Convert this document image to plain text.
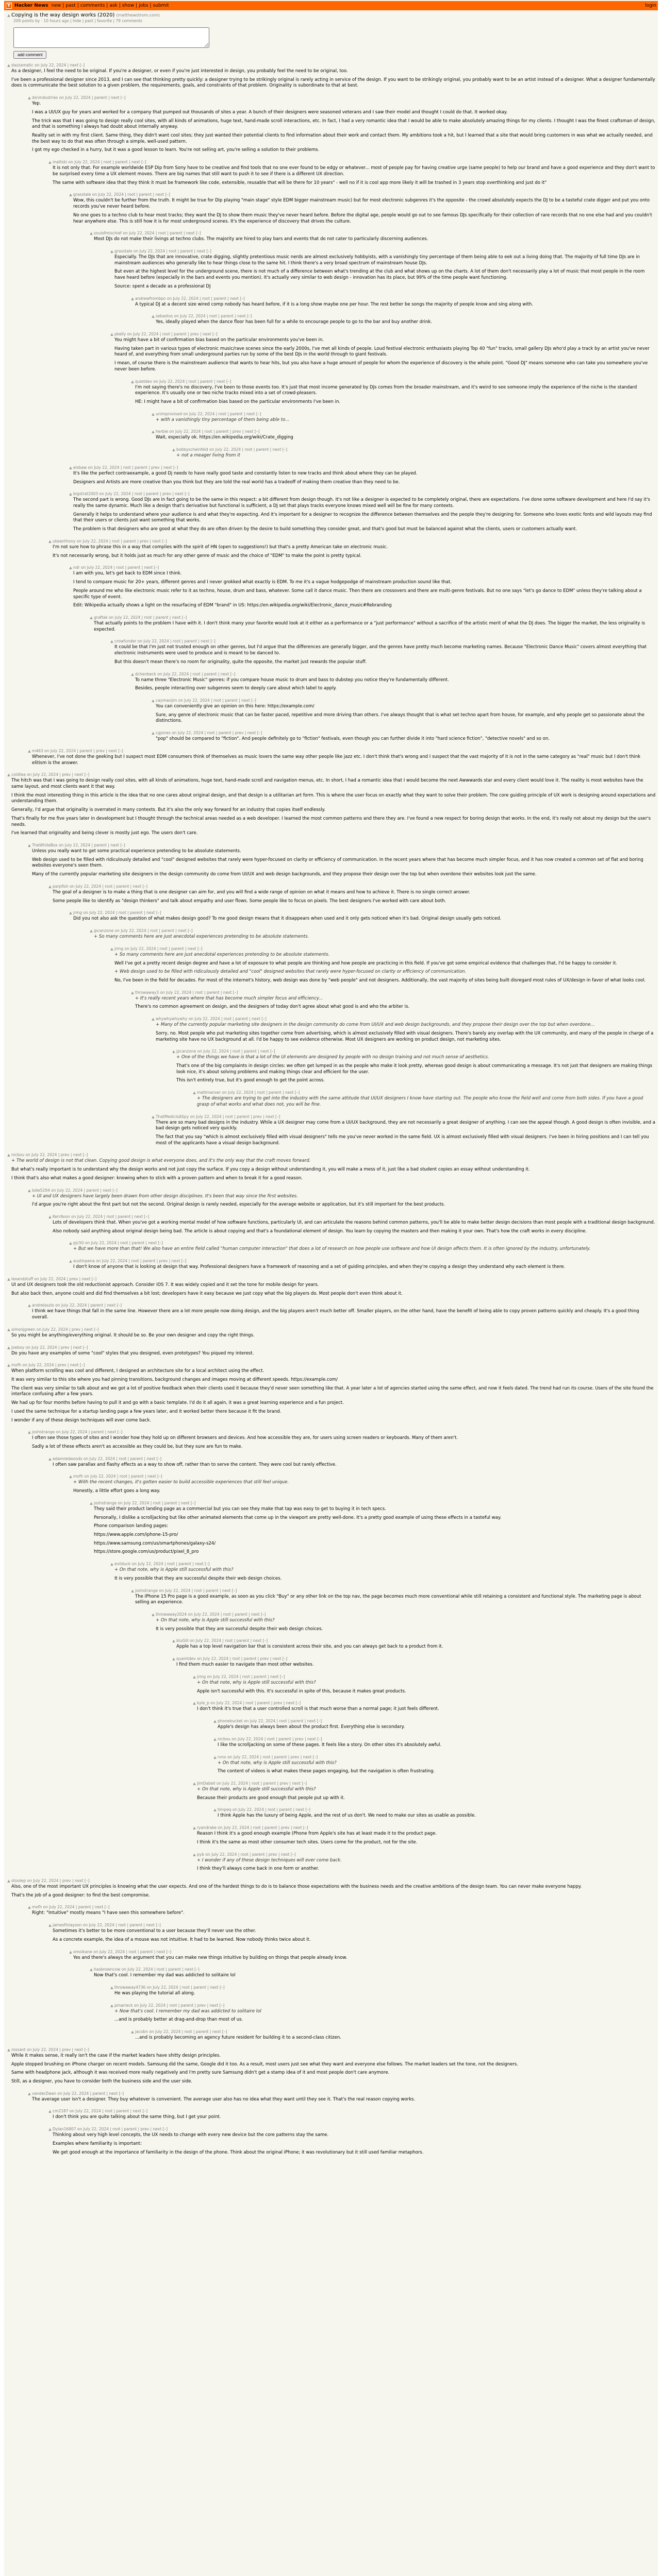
Y Hacker News new | past | comments | ask | show | jobs | submit	login
▲ Copying is the way design works (2020) (matthewstrom.com)
209 points by · 10 hours ago | hide | past | favorite | 79 comments
add comment
▲ dazzamatic on July 22, 2024 | next [–]

As a designer, I feel the need to be original. If you're a designer, or even if you're just interested in design, you probably feel the need to be original, too.

I've been a professional designer since 2013, and I can see that thinking pretty quickly: a designer trying to be strikingly original is rarely acting in service of the design. If you want to be strikingly original, you probably want to be an artist instead of a designer. What a designer fundamentally does is communicate the best solution to a given problem, the requirements, goals, and constraints of that problem. Originality is subordinate to that at best.

▲ dsnindustries on July 22, 2024 | parent | next [–]

Yep.

I was a UI/UX guy for years and worked for a company that pumped out thousands of sites a year. A bunch of their designers were seasoned veterans and I saw their model and thought I could do that. It worked okay.

The trick was that I was going to design really cool sites, with all kinds of animations, huge text, hand-made scroll interactions, etc. In fact, I had a very romantic idea that I would be able to make absolutely amazing things for my clients. I thought I was the finest craftsman of design, and that is something I always had doubt about internally anyway.

Reality set in with my first client. Same thing, they didn't want cool sites; they just wanted their potential clients to find information about their work and contact them. My ambitions took a hit, but I learned that a site that would bring customers in was what we actually needed, and the best way to do that was often through a simple, well-used pattern.

I got my ego checked in a hurry, but it was a good lesson to learn. You're not selling art, you're selling a solution to their problems.

▲ mattski on July 22, 2024 | root | parent | next [–]

It is not only that. For example worldwide ESP Dip from Sony have to be creative and find tools that no one ever found to be edgy or whatever... most of people pay for having creative urge (same people) to help our brand and have a good experience and they don't want to be surprised every time a UX element moves. There are big names that still want to push it to see if there is a different UX direction.

The same with software idea that they think it must be framework like code, extensible, reusable that will be there for 10 years" - well no if it is cool app more likely it will be trashed in 3 years stop overthinking and just do it"

▲ grasstale on July 22, 2024 | root | parent | next [–]

Wow, this couldn't be further from the truth. It might be true for Dip playing "main stage" style EDM bigger mainstream music) but for most electronic subgenres it's the opposite - the crowd absolutely expects the DJ to be a tasteful crate digger and put you onto records you've never heard before.

No one goes to a techno club to hear most tracks; they want the DJ to show them music they've never heard before. Before the digital age, people would go out to see famous DJs specifically for their collection of rare records that no one else had and you couldn't hear anywhere else. This is still how it is for most underground scenes. It's the experience of discovery that drives the culture.

▲ soulofmischief on July 22, 2024 | root | parent | next [–]

Most DJs do not make their livings at techno clubs. The majority are hired to play bars and events that do not cater to particularly discerning audiences.

▲ grasstale on July 22, 2024 | root | parent | next [–]

Especially. The DJs that are innovative, crate digging, slightly pretentious music nerds are almost exclusively hobbyists, with a vanishingly tiny percentage of them being able to eek out a living doing that. The majority of full time DJs are in mainstream audiences who generally like to hear things close to the same hit. I think there's a very broad spectrum of mainstream house DJs.

But even at the highest level for the underground scene, there is not much of a difference between what's trending at the club and what shows up on the charts. A lot of them don't necessarily play a lot of music that most people in the room have heard before (especially in the bars and events you mention). It's actually very similar to web design - innovation has its place, but 99% of the time people want functioning.

Source: spent a decade as a professional DJ

▲ andrewfrombpo on July 22, 2024 | root | parent | next [–]

A typical DJ at a decent size wired comp nobody has heard before, if it is a long show maybe one per hour. The rest better be songs the majority of people know and sing along with.

▲ sebastos on July 22, 2024 | root | parent | next [–]

Yes, ideally played when the dance floor has been full for a while to encourage people to go to the bar and buy another drink.

▲ pkelly on July 22, 2024 | root | parent | prev | next [–]

You might have a bit of confirmation bias based on the particular environments you've been in.

Having taken part in various types of electronic music/rave scenes since the early 2000s, I've met all kinds of people. Loud festival electronic enthusiasts playing Top 40 "fun" tracks, small gallery DJs who'd play a track by an artist you've never heard of, and everything from small underground parties run by some of the best DJs in the world through to giant festivals.

I mean, of course there is the mainstream audience that wants to hear hits, but you also have a huge amount of people for whom the experience of discovery is the whole point. "Good DJ" means someone who can take you somewhere you've never been before.

▲ quietdev on July 22, 2024 | root | parent | next [–]

I'm not saying there's no discovery, I've been to those events too. It's just that most income generated by DJs comes from the broader mainstream, and it's weird to see someone imply the experience of the niche is the standard experience. It's usually one or two niche tracks mixed into a set of crowd-pleasers.

HE: I might have a bit of confirmation bias based on the particular environments I've been in.

▲ unimprovised on July 22, 2024 | root | parent | next [–]

+ with a vanishingly tiny percentage of them being able to...

▲ herbie on July 22, 2024 | root | parent | prev | next [–]

Wait, especially ok. https://en.wikipedia.org/wiki/Crate_digging

▲ bobbyscheinfeld on July 22, 2024 | root | parent | next [–]

+ not a meager living from it

▲ eisbaw on July 22, 2024 | root | parent | prev | next [–]

It's like the perfect contraexample, a good Dj needs to have really good taste and constantly listen to new tracks and think about where they can be played.

Designers and Artists are more creative than you think but they are told the real world has a tradeoff of making them creative than they need to be.

▲ bigstrat2003 on July 22, 2024 | root | parent | prev | next [–]

The second part is wrong. Good DJs are in fact going to be the same in this respect: a bit different from design though. It's not like a designer is expected to be completely original, there are expectations. I've done some software development and here I'd say it's really the same dynamic. Much like a design that's derivative but functional is sufficient, a DJ set that plays tracks everyone knows mixed well will be fine for many contexts.

Generally it helps to understand where your audience is and what they're expecting. And it's important for a designer to recognize the difference between themselves and the people they're designing for. Someone who loves exotic fonts and wild layouts may find that their users or clients just want something that works.

The problem is that designers who are good at what they do are often driven by the desire to build something they consider great, and that's good but must be balanced against what the clients, users or customers actually want.

▲ ukeanthony on July 22, 2024 | root | parent | prev | next [–]

I'm not sure how to phrase this in a way that complies with the spirit of HN (open to suggestions!) but that's a pretty American take on electronic music.

It's not necessarily wrong, but it holds just as much for any other genre of music and the choice of "EDM" to make the point is pretty typical.

▲ ndr on July 22, 2024 | root | parent | next [–]

I am with you, let's get back to EDM since I think.

I tend to compare music for 20+ years, different genres and I never grokked what exactly is EDM. To me it's a vague hodgepodge of mainstream production sound like that.

People around me who like electronic music refer to it as techno, house, drum and bass, whatever. Some call it dance music. Then there are crossovers and there are multi-genre festivals. But no one says "let's go dance to EDM" unless they're talking about a specific type of event.

Edit: Wikipedia actually shows a light on the resurfacing of EDM "brand" in US: https://en.wikipedia.org/wiki/Electronic_dance_music#Rebranding

▲ graftak on July 22, 2024 | root | parent | next [–]

That actually points to the problem I have with it. I don't think many your favorite would look at it either as a performance or a "just performance" without a sacrifice of the artistic merit of what the DJ does. The bigger the market, the less originality is expected.

▲ crowfunder on July 22, 2024 | root | parent | next [–]

It could be that I'm just not trusted enough on other genres, but I'd argue that the differences are generally bigger, and the genres have pretty much become marketing names. Because "Electronic Dance Music" covers almost everything that electronic instruments were used to produce and is meant to be danced to.

But this doesn't mean there's no room for originality, quite the opposite, the market just rewards the popular stuff.

▲ dchenbeck on July 22, 2024 | root | parent | next [–]

To name three "Electronic Music" genres: if you compare house music to drum and bass to dubstep you notice they're fundamentally different.

Besides, people interacting over subgenres seem to deeply care about which label to apply.

▲ caymanjim on July 22, 2024 | root | parent | next [–]

You can conveniently give an opinion on this here: https://example.com/

Sure, any genre of electronic music that can be faster paced, repetitive and more driving than others. I've always thought that is what set techno apart from house, for example, and why people get so passionate about the distinctions.

▲ cgjones on July 22, 2024 | root | parent | prev | next [–]

"pop" should be compared to "fiction". And people definitely go to "fiction" festivals, even though you can further divide it into "hard science fiction", "detective novels" and so on.

▲ m463 on July 22, 2024 | parent | prev | next [–]

Whenever, I've not done the geeking but I suspect most EDM consumers think of themselves as music lovers the same way other people like jazz etc. I don't think that's wrong and I suspect that the vast majority of it is not in the same category as "real" music but I don't think elitism is the answer.

▲ coldtea on July 22, 2024 | prev | next [–]

The hitch was that I was going to design really cool sites, with all kinds of animations, huge text, hand-made scroll and navigation menus, etc. In short, I had a romantic idea that I would become the next Awwwards star and every client would love it. The reality is most websites have the same layout, and most clients want it that way.

I think the most interesting thing in this article is the idea that no one cares about original design, and that design is a utilitarian art form. This is where the user focus on exactly what they want to solve their problem. The core guiding principle of UX work is designing around expectations and understanding them.

Generally, I'd argue that originality is overrated in many contexts. But it's also the only way forward for an industry that copies itself endlessly.

That's finally for me five years later in development but I thought through the technical areas needed as a web developer. I learned the most common patterns and there they are. I've found a new respect for boring design that works. In the end, it's really not about my design but the user's needs.

I've learned that originality and being clever is mostly just ego. The users don't care.

▲ TheWhiteBox on July 22, 2024 | parent | next [–]

Unless you really want to get some practical experience pretending to be absolute statements.

Web design used to be filled with ridiculously detailed and "cool" designed websites that rarely were hyper-focused on clarity or efficiency of communication. In the recent years where that has become much simpler focus, and it has now created a common set of flat and boring websites everyone's seen them.

Many of the currently popular marketing site designers in the design community do come from UI/UX and web design backgrounds, and they propose their design over the top but when overdone their websites look just the same.

▲ parpfish on July 22, 2024 | root | parent | next [–]

The goal of a designer is to make a thing that is one designer can aim for, and you will find a wide range of opinion on what it means and how to achieve it. There is no single correct answer.

Some people like to identify as "design thinkers" and talk about empathy and user flows. Some people like to focus on pixels. The best designers I've worked with care about both.

▲ jrmg on July 22, 2024 | root | parent | next [–]

Did you not also ask the question of what makes design good? To me good design means that it disappears when used and it only gets noticed when it's bad. Original design usually gets noticed.

▲ jpcanzone on July 22, 2024 | root | parent | next [–]

+ So many comments here are just anecdotal experiences pretending to be absolute statements.

▲ jrmg on July 22, 2024 | root | parent | next [–]

+ So many comments here are just anecdotal experiences pretending to be absolute statements.

Well I've got a pretty recent design degree and have a lot of exposure to what people are thinking and how people are practicing in this field. If you've got some empirical evidence that challenges that, I'd be happy to consider it.

+ Web design used to be filled with ridiculously detailed and "cool" designed websites that rarely were hyper-focused on clarity or efficiency of communication.

No, I've been in the field for decades. For most of the internet's history, web design was done by "web people" and not designers. Additionally, the vast majority of sites being built disregard most rules of UX/design in favor of what looks cool.

▲ throwaway3 on July 22, 2024 | root | parent | next [–]

+ It's really recent years where that has become much simpler focus and efficiency...

There's no common agreement on design, and the designers of today don't agree about what good is and who the arbiter is.

▲ whywhywhywhy on July 22, 2024 | root | parent | next [–]

+ Many of the currently popular marketing site designers in the design community do come from UI/UX and web design backgrounds, and they propose their design over the top but when overdone...

Sorry, no. Most people who put marketing sites together come from advertising, which is almost exclusively filled with visual designers. There's barely any overlap with the UX community, and many of the people in charge of a marketing site have no UX background at all. I'd be happy to see evidence otherwise. Most UX designers are working on product design, not marketing sites.

▲ jpcanzone on July 22, 2024 | root | parent | next [–]

+ One of the things we have is that a lot of the UI elements are designed by people with no design training and not much sense of aesthetics.

That's one of the big complaints in design circles: we often get lumped in as the people who make it look pretty, whereas good design is about communicating a message. It's not just that designers are making things look nice, it's about solving problems and making things clear and efficient for the user.

This isn't entirely true, but it's good enough to get the point across.

▲ mattmanser on July 22, 2024 | root | parent | next [–]

+ The designers are trying to get into the industry with the same attitude that UI/UX designers I know have starting out. The people who know the field well and come from both sides. If you have a good grasp of what works and what does not, you will be fine.

▲ ThatMedicIsASpy on July 22, 2024 | root | parent | prev | next [–]

There are so many bad designs in the industry. While a UX designer may come from a UI/UX background, they are not necessarily a great designer of anything. I can see the appeal though. A good design is often invisible, and a bad design gets noticed very quickly.

The fact that you say "which is almost exclusively filled with visual designers" tells me you've never worked in the same field. UX is almost exclusively filled with visual designers. I've been in hiring positions and I can tell you most of the applicants have a visual design background.

▲ nicbou on July 22, 2024 | prev | next [–]

+ The world of design is not that clean. Copying good design is what everyone does, and it's the only way that the craft moves forward.

But what's really important is to understand why the design works and not just copy the surface. If you copy a design without understanding it, you will make a mess of it, just like a bad student copies an essay without understanding it.

I think that's also what makes a good designer: knowing when to stick with a proven pattern and when to break it for a good reason.

▲ bdw5204 on July 22, 2024 | parent | next [–]

+ UI and UX designers have largely been drawn from other design disciplines. It's been that way since the first websites.

I'd argue you're right about the first part but not the second. Original design is rarely needed, especially for the average website or application, but it's still important for the best products.

▲ KerrAvon on July 22, 2024 | root | parent | next [–]

Lots of developers think that. When you've got a working mental model of how software functions, particularly UI, and can articulate the reasons behind common patterns, you'll be able to make better design decisions than most people with a traditional design background.

Also nobody said anything about original design being bad. The article is about copying and that's a foundational element of design. You learn by copying the masters and then making it your own. That's how the craft works in every discipline.

▲ pjc50 on July 22, 2024 | root | parent | next [–]

+ But we have more than that! We also have an entire field called "human computer interaction" that does a lot of research on how people use software and how UI design affects them. It is often ignored by the industry, unfortunately.

▲ austinpena on July 22, 2024 | root | parent | prev | next [–]

I don't know of anyone that is looking at design that way. Professional designers have a framework of reasoning and a set of guiding principles, and when they're copying a design they understand why each element is there.

▲ lexandstuff on July 22, 2024 | prev | next [–]

UI and UX designers took the old reductionist approach. Consider iOS 7. It was widely copied and it set the tone for mobile design for years.

But also back then, anyone could and did find themselves a bit lost; developers have it easy because we just copy what the big players do. Most people don't even think about it.

▲ andrelaszlo on July 22, 2024 | parent | next [–]

I think we have things that fall in the same line. However there are a lot more people now doing design, and the big players aren't much better off. Smaller players, on the other hand, have the benefit of being able to copy proven patterns quickly and cheaply. It's a good thing overall.

▲ simonjgreen on July 22, 2024 | prev | next [–]

So you might be anything/everything original. It should be so. Be your own designer and copy the right things.

▲ Joeboy on July 22, 2024 | prev | next [–]

Do you have any examples of some "cool" styles that you designed, even prototypes? You piqued my interest.

▲ mxfh on July 22, 2024 | prev | next [–]

When platform scrolling was cool and different, I designed an architecture site for a local architect using the effect.

It was very similar to this site where you had pinning transitions, background changes and images moving at different speeds. https://example.com/

The client was very similar to talk about and we got a lot of positive feedback when their clients used it because they'd never seen something like that. A year later a lot of agencies started using the same effect, and now it feels dated. The trend had run its course. Users of the site found the interface confusing after a few years.

We had up for four months before having to pull it and go with a basic template. I'd do it all again, it was a great learning experience and a fun project.

I used the same technique for a startup landing page a few years later, and it worked better there because it fit the brand.

I wonder if any of these design techniques will ever come back.

▲ joshstrange on July 22, 2024 | parent | next [–]

I often see those types of sites and I wonder how they hold up on different browsers and devices. And how accessible they are, for users using screen readers or keyboards. Many of them aren't.

Sadly a lot of these effects aren't as accessible as they could be, but they sure are fun to make.

▲ adamredwoods on July 22, 2024 | root | parent | next [–]

I often saw parallax and flashy effects as a way to show off, rather than to serve the content. They were cool but rarely effective.

▲ mxfh on July 22, 2024 | root | parent | next [–]

+ With the recent changes, it's gotten easier to build accessible experiences that still feel unique.

Honestly, a little effort goes a long way.

▲ joshstrange on July 22, 2024 | root | parent | next [–]

They said their product landing page as a commercial but you can see they make that tap was easy to get to buying it in tech specs.

Personally, I dislike a scrolljacking but like other animated elements that come up in the viewport are pretty well-done. It's a pretty good example of using these effects in a tasteful way.

Phone comparison landing pages:

https://www.apple.com/iphone-15-pro/

https://www.samsung.com/us/smartphones/galaxy-s24/

https://store.google.com/us/product/pixel_8_pro

▲ evilduck on July 22, 2024 | root | parent | next [–]

+ On that note, why is Apple still successful with this?

It is very possible that they are successful despite their web design choices.

▲ joshstrange on July 22, 2024 | root | parent | next [–]

The iPhone 15 Pro page is a good example, as soon as you click "Buy" or any other link on the top nav, the page becomes much more conventional while still retaining a consistent and functional style. The marketing page is about selling an experience.

▲ throwaway2024 on July 22, 2024 | root | parent | next [–]

+ On that note, why is Apple still successful with this?

It is very possible that they are successful despite their web design choices.

▲ bluGill on July 22, 2024 | root | parent | next [–]

Apple has a top level navigation bar that is consistent across their site, and you can always get back to a product from it.

▲ quaintdev on July 22, 2024 | root | parent | prev | next [–]

I find them much easier to navigate than most other websites.

▲ jrmg on July 22, 2024 | root | parent | next [–]

+ On that note, why is Apple still successful with this?

Apple isn't successful with this. It's successful in spite of this, because it makes great products.

▲ kyle_p on July 22, 2024 | root | parent | prev | next [–]

I don't think it's true that a user controlled scroll is that much worse than a normal page; it just feels different.

▲ phonebucket on July 22, 2024 | root | parent | next [–]

Apple's design has always been about the product first. Everything else is secondary.

▲ nicbou on July 22, 2024 | root | parent | prev | next [–]

I like the scrolljacking on some of these pages. It feels like a story. On other sites it's absolutely awful.

▲ rvnx on July 22, 2024 | root | parent | prev | next [–]

+ On that note, why is Apple still successful with this?

The content of videos is what makes these pages engaging, but the navigation is often frustrating.

▲ JimDabell on July 22, 2024 | root | parent | prev | next [–]

+ On that note, why is Apple still successful with this?

Because their products are good enough that people put up with it.

▲ timpeq on July 22, 2024 | root | parent | next [–]

I think Apple has the luxury of being Apple, and the rest of us don't. We need to make our sites as usable as possible.

▲ ryandrake on July 22, 2024 | root | parent | prev | next [–]

Reason I think it's a good enough example (Phone from Apple's site has at least made it to the product page.

I think it's the same as most other consumer tech sites. Users come for the product, not for the site.

▲ pyb on July 22, 2024 | root | parent | prev | next [–]

+ I wonder if any of these design techniques will ever come back.

I think they'll always come back in one form or another.

▲ otoolep on July 22, 2024 | prev | next [–]

Also, one of the most important UX principles is knowing what the user expects. And one of the hardest things to do is to balance those expectations with the business needs and the creative ambitions of the design team. You can never make everyone happy.

That's the job of a good designer: to find the best compromise.

▲ mxfh on July 22, 2024 | parent | next [–]

Right: "Intuitive" mostly means "I have seen this somewhere before".

▲ jamesfinlayson on July 22, 2024 | root | parent | next [–]

Sometimes it's better to be more conventional to a user because they'll never use the other.

As a concrete example, the idea of a mouse was not intuitive. It had to be learned. Now nobody thinks twice about it.

▲ omoikane on July 22, 2024 | root | parent | next [–]

Yes and there's always the argument that you can make new things intuitive by building on things that people already know.

▲ hasbrowncow on July 22, 2024 | root | parent | next [–]

Now that's cool. I remember my dad was addicted to solitaire lol

▲ throwaway4736 on July 22, 2024 | root | parent | next [–]

He was playing the tutorial all along.

▲ pmarreck on July 22, 2024 | root | parent | prev | next [–]

+ Now that's cool. I remember my dad was addicted to solitaire lol

...and is probably better at drag-and-drop than most of us.

▲ jacobn on July 22, 2024 | root | parent | next [–]

...and is probably becoming an agency future resident for building it to a second-class citizen.

▲ rossant on July 22, 2024 | prev | next [–]

While it makes sense, it really isn't the case if the market leaders have shitty design principles.

Apple stopped brushing on iPhone charger on recent models. Samsung did the same, Google did it too. As a result, most users just see what they want and everyone else follows. The market leaders set the tone, not the designers.

Same with headphone jack, although it was received more really negatively and I'm pretty sure Samsung didn't get a stamp idea of it and most people don't care anymore.

Still, as a designer, you have to consider both the business side and the user side.

▲ vanderZwan on July 22, 2024 | parent | next [–]

The average user isn't a designer. They buy whatever is convenient. The average user also has no idea what they want until they see it. That's the real reason copying works.

▲ cm2187 on July 22, 2024 | root | parent | next [–]

I don't think you are quite talking about the same thing, but I get your point.

▲ Dylan16807 on July 22, 2024 | root | parent | prev | next [–]

Thinking about very high level concepts, the UX needs to change with every new device but the core patterns stay the same.

Examples where familiarity is important:

We get good enough at the importance of familiarity in the design of the phone. Think about the original iPhone; it was revolutionary but it still used familiar metaphors.
